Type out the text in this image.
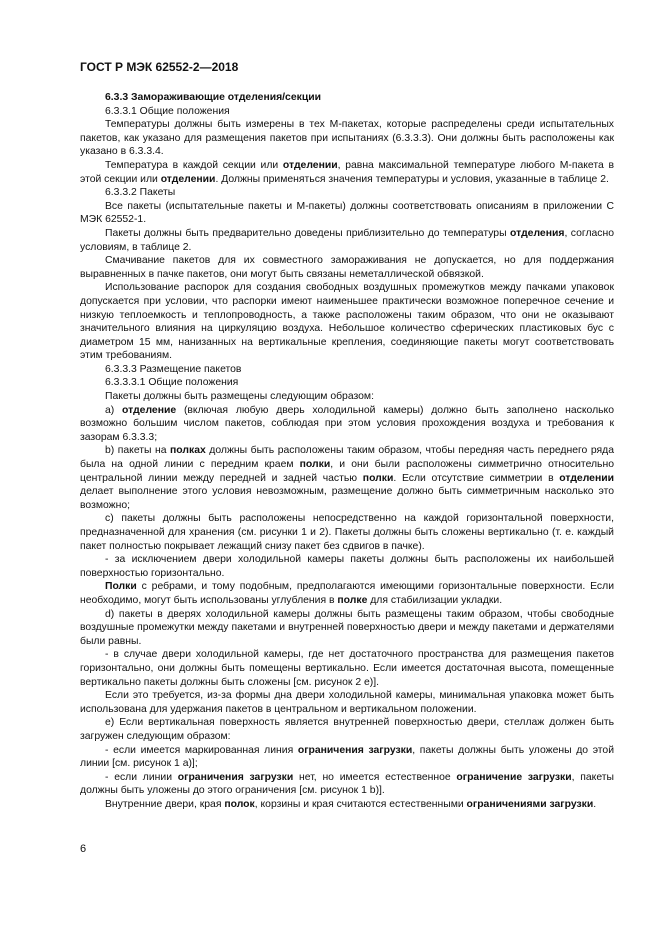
ГОСТ Р МЭК 62552-2—2018

6.3.3 Замораживающие отделения/секции

6.3.3.1 Общие положения

Температуры должны быть измерены в тех М-пакетах, которые распределены среди испытательных пакетов, как указано для размещения пакетов при испытаниях (6.3.3.3). Они должны быть расположены как указано в 6.3.3.4.

Температура в каждой секции или отделении, равна максимальной температуре любого М-пакета в этой секции или отделении. Должны применяться значения температуры и условия, указанные в таблице 2.

6.3.3.2 Пакеты

Все пакеты (испытательные пакеты и М-пакеты) должны соответствовать описаниям в приложении С МЭК 62552-1.

Пакеты должны быть предварительно доведены приблизительно до температуры отделения, согласно условиям, в таблице 2.

Смачивание пакетов для их совместного замораживания не допускается, но для поддержания выравненных в пачке пакетов, они могут быть связаны неметаллической обвязкой.

Использование распорок для создания свободных воздушных промежутков между пачками упаковок допускается при условии, что распорки имеют наименьшее практически возможное поперечное сечение и низкую теплоемкость и теплопроводность, а также расположены таким образом, что они не оказывают значительного влияния на циркуляцию воздуха. Небольшое количество сферических пластиковых бус с диаметром 15 мм, нанизанных на вертикальные крепления, соединяющие пакеты могут соответствовать этим требованиям.

6.3.3.3 Размещение пакетов

6.3.3.3.1 Общие положения

Пакеты должны быть размещены следующим образом:

а) отделение (включая любую дверь холодильной камеры) должно быть заполнено насколько возможно большим числом пакетов, соблюдая при этом условия прохождения воздуха и требования к зазорам 6.3.3.3;

b) пакеты на полках должны быть расположены таким образом, чтобы передняя часть переднего ряда была на одной линии с передним краем полки, и они были расположены симметрично относительно центральной линии между передней и задней частью полки. Если отсутствие симметрии в отделении делает выполнение этого условия невозможным, размещение должно быть симметричным насколько это возможно;

с) пакеты должны быть расположены непосредственно на каждой горизонтальной поверхности, предназначенной для хранения (см. рисунки 1 и 2). Пакеты должны быть сложены вертикально (т. е. каждый пакет полностью покрывает лежащий снизу пакет без сдвигов в пачке).

- за исключением двери холодильной камеры пакеты должны быть расположены их наибольшей поверхностью горизонтально.

Полки с ребрами, и тому подобным, предполагаются имеющими горизонтальные поверхности. Если необходимо, могут быть использованы углубления в полке для стабилизации укладки.

d) пакеты в дверях холодильной камеры должны быть размещены таким образом, чтобы свободные воздушные промежутки между пакетами и внутренней поверхностью двери и между пакетами и держателями были равны.

- в случае двери холодильной камеры, где нет достаточного пространства для размещения пакетов горизонтально, они должны быть помещены вертикально. Если имеется достаточная высота, помещенные вертикально пакеты должны быть сложены [см. рисунок 2 е)].

Если это требуется, из-за формы дна двери холодильной камеры, минимальная упаковка может быть использована для удержания пакетов в центральном и вертикальном положении.

е) Если вертикальная поверхность является внутренней поверхностью двери, стеллаж должен быть загружен следующим образом:

- если имеется маркированная линия ограничения загрузки, пакеты должны быть уложены до этой линии [см. рисунок 1 а)];

- если линии ограничения загрузки нет, но имеется естественное ограничение загрузки, пакеты должны быть уложены до этого ограничения [см. рисунок 1 b)].

Внутренние двери, края полок, корзины и края считаются естественными ограничениями загрузки.

6
